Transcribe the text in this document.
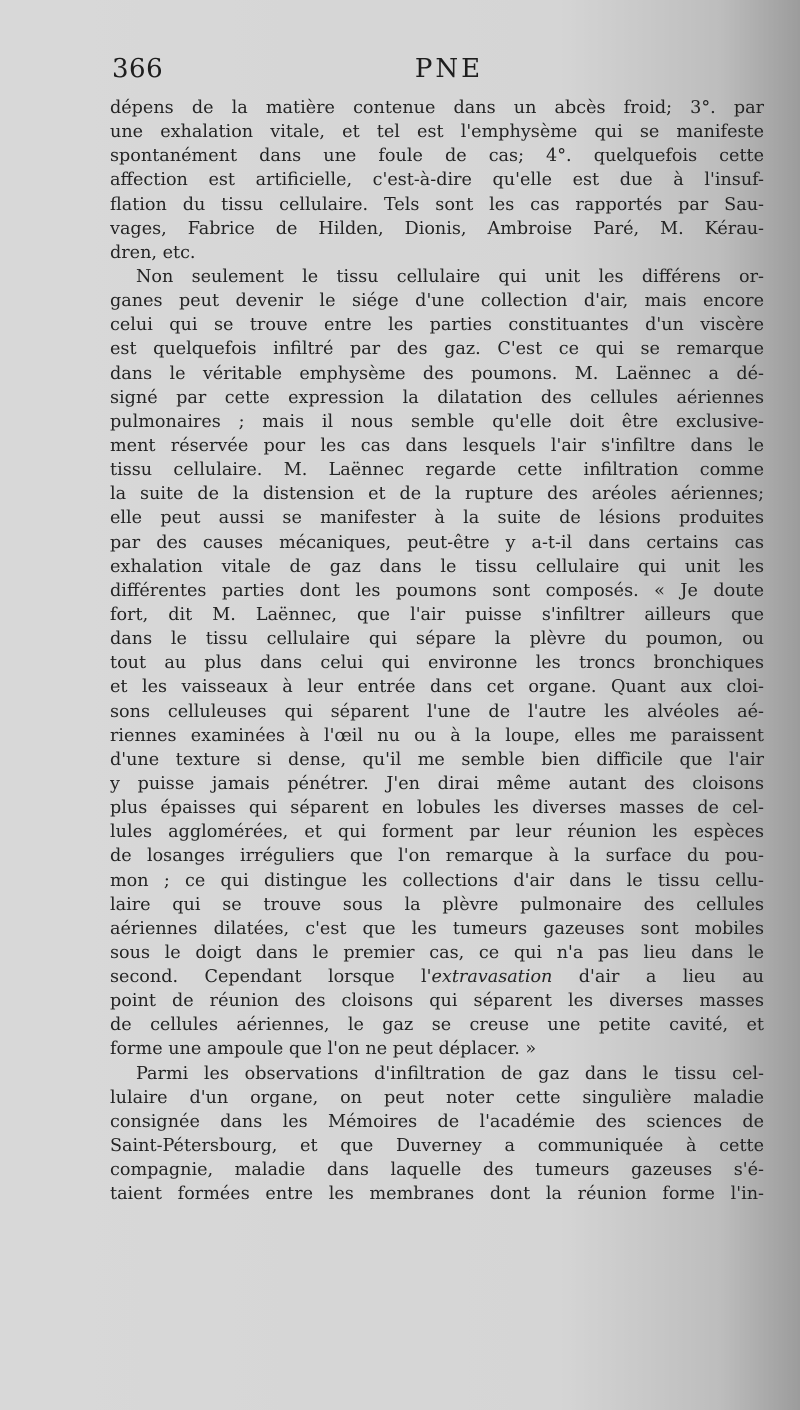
366	PNE
dépens de la matière contenue dans un abcès froid; 3°. par
une exhalation vitale, et tel est l'emphysème qui se manifeste
spontanément dans une foule de cas; 4°. quelquefois cette
affection est artificielle, c'est-à-dire qu'elle est due à l'insuf-
flation du tissu cellulaire. Tels sont les cas rapportés par Sau-
vages, Fabrice de Hilden, Dionis, Ambroise Paré, M. Kérau-
dren, etc.
Non seulement le tissu cellulaire qui unit les différens or-
ganes peut devenir le siége d'une collection d'air, mais encore
celui qui se trouve entre les parties constituantes d'un viscère
est quelquefois infiltré par des gaz. C'est ce qui se remarque
dans le véritable emphysème des poumons. M. Laënnec a dé-
signé par cette expression la dilatation des cellules aériennes
pulmonaires ; mais il nous semble qu'elle doit être exclusive-
ment réservée pour les cas dans lesquels l'air s'infiltre dans le
tissu cellulaire. M. Laënnec regarde cette infiltration comme
la suite de la distension et de la rupture des aréoles aériennes;
elle peut aussi se manifester à la suite de lésions produites
par des causes mécaniques, peut-être y a-t-il dans certains cas
exhalation vitale de gaz dans le tissu cellulaire qui unit les
différentes parties dont les poumons sont composés. « Je doute
fort, dit M. Laënnec, que l'air puisse s'infiltrer ailleurs que
dans le tissu cellulaire qui sépare la plèvre du poumon, ou
tout au plus dans celui qui environne les troncs bronchiques
et les vaisseaux à leur entrée dans cet organe. Quant aux cloi-
sons celluleuses qui séparent l'une de l'autre les alvéoles aé-
riennes examinées à l'œil nu ou à la loupe, elles me paraissent
d'une texture si dense, qu'il me semble bien difficile que l'air
y puisse jamais pénétrer. J'en dirai même autant des cloisons
plus épaisses qui séparent en lobules les diverses masses de cel-
lules agglomérées, et qui forment par leur réunion les espèces
de losanges irréguliers que l'on remarque à la surface du pou-
mon ; ce qui distingue les collections d'air dans le tissu cellu-
laire qui se trouve sous la plèvre pulmonaire des cellules
aériennes dilatées, c'est que les tumeurs gazeuses sont mobiles
sous le doigt dans le premier cas, ce qui n'a pas lieu dans le
second. Cependant lorsque l'extravasation d'air a lieu au
point de réunion des cloisons qui séparent les diverses masses
de cellules aériennes, le gaz se creuse une petite cavité, et
forme une ampoule que l'on ne peut déplacer. »
Parmi les observations d'infiltration de gaz dans le tissu cel-
lulaire d'un organe, on peut noter cette singulière maladie
consignée dans les Mémoires de l'académie des sciences de
Saint-Pétersbourg, et que Duverney a communiquée à cette
compagnie, maladie dans laquelle des tumeurs gazeuses s'é-
taient formées entre les membranes dont la réunion forme l'in-
